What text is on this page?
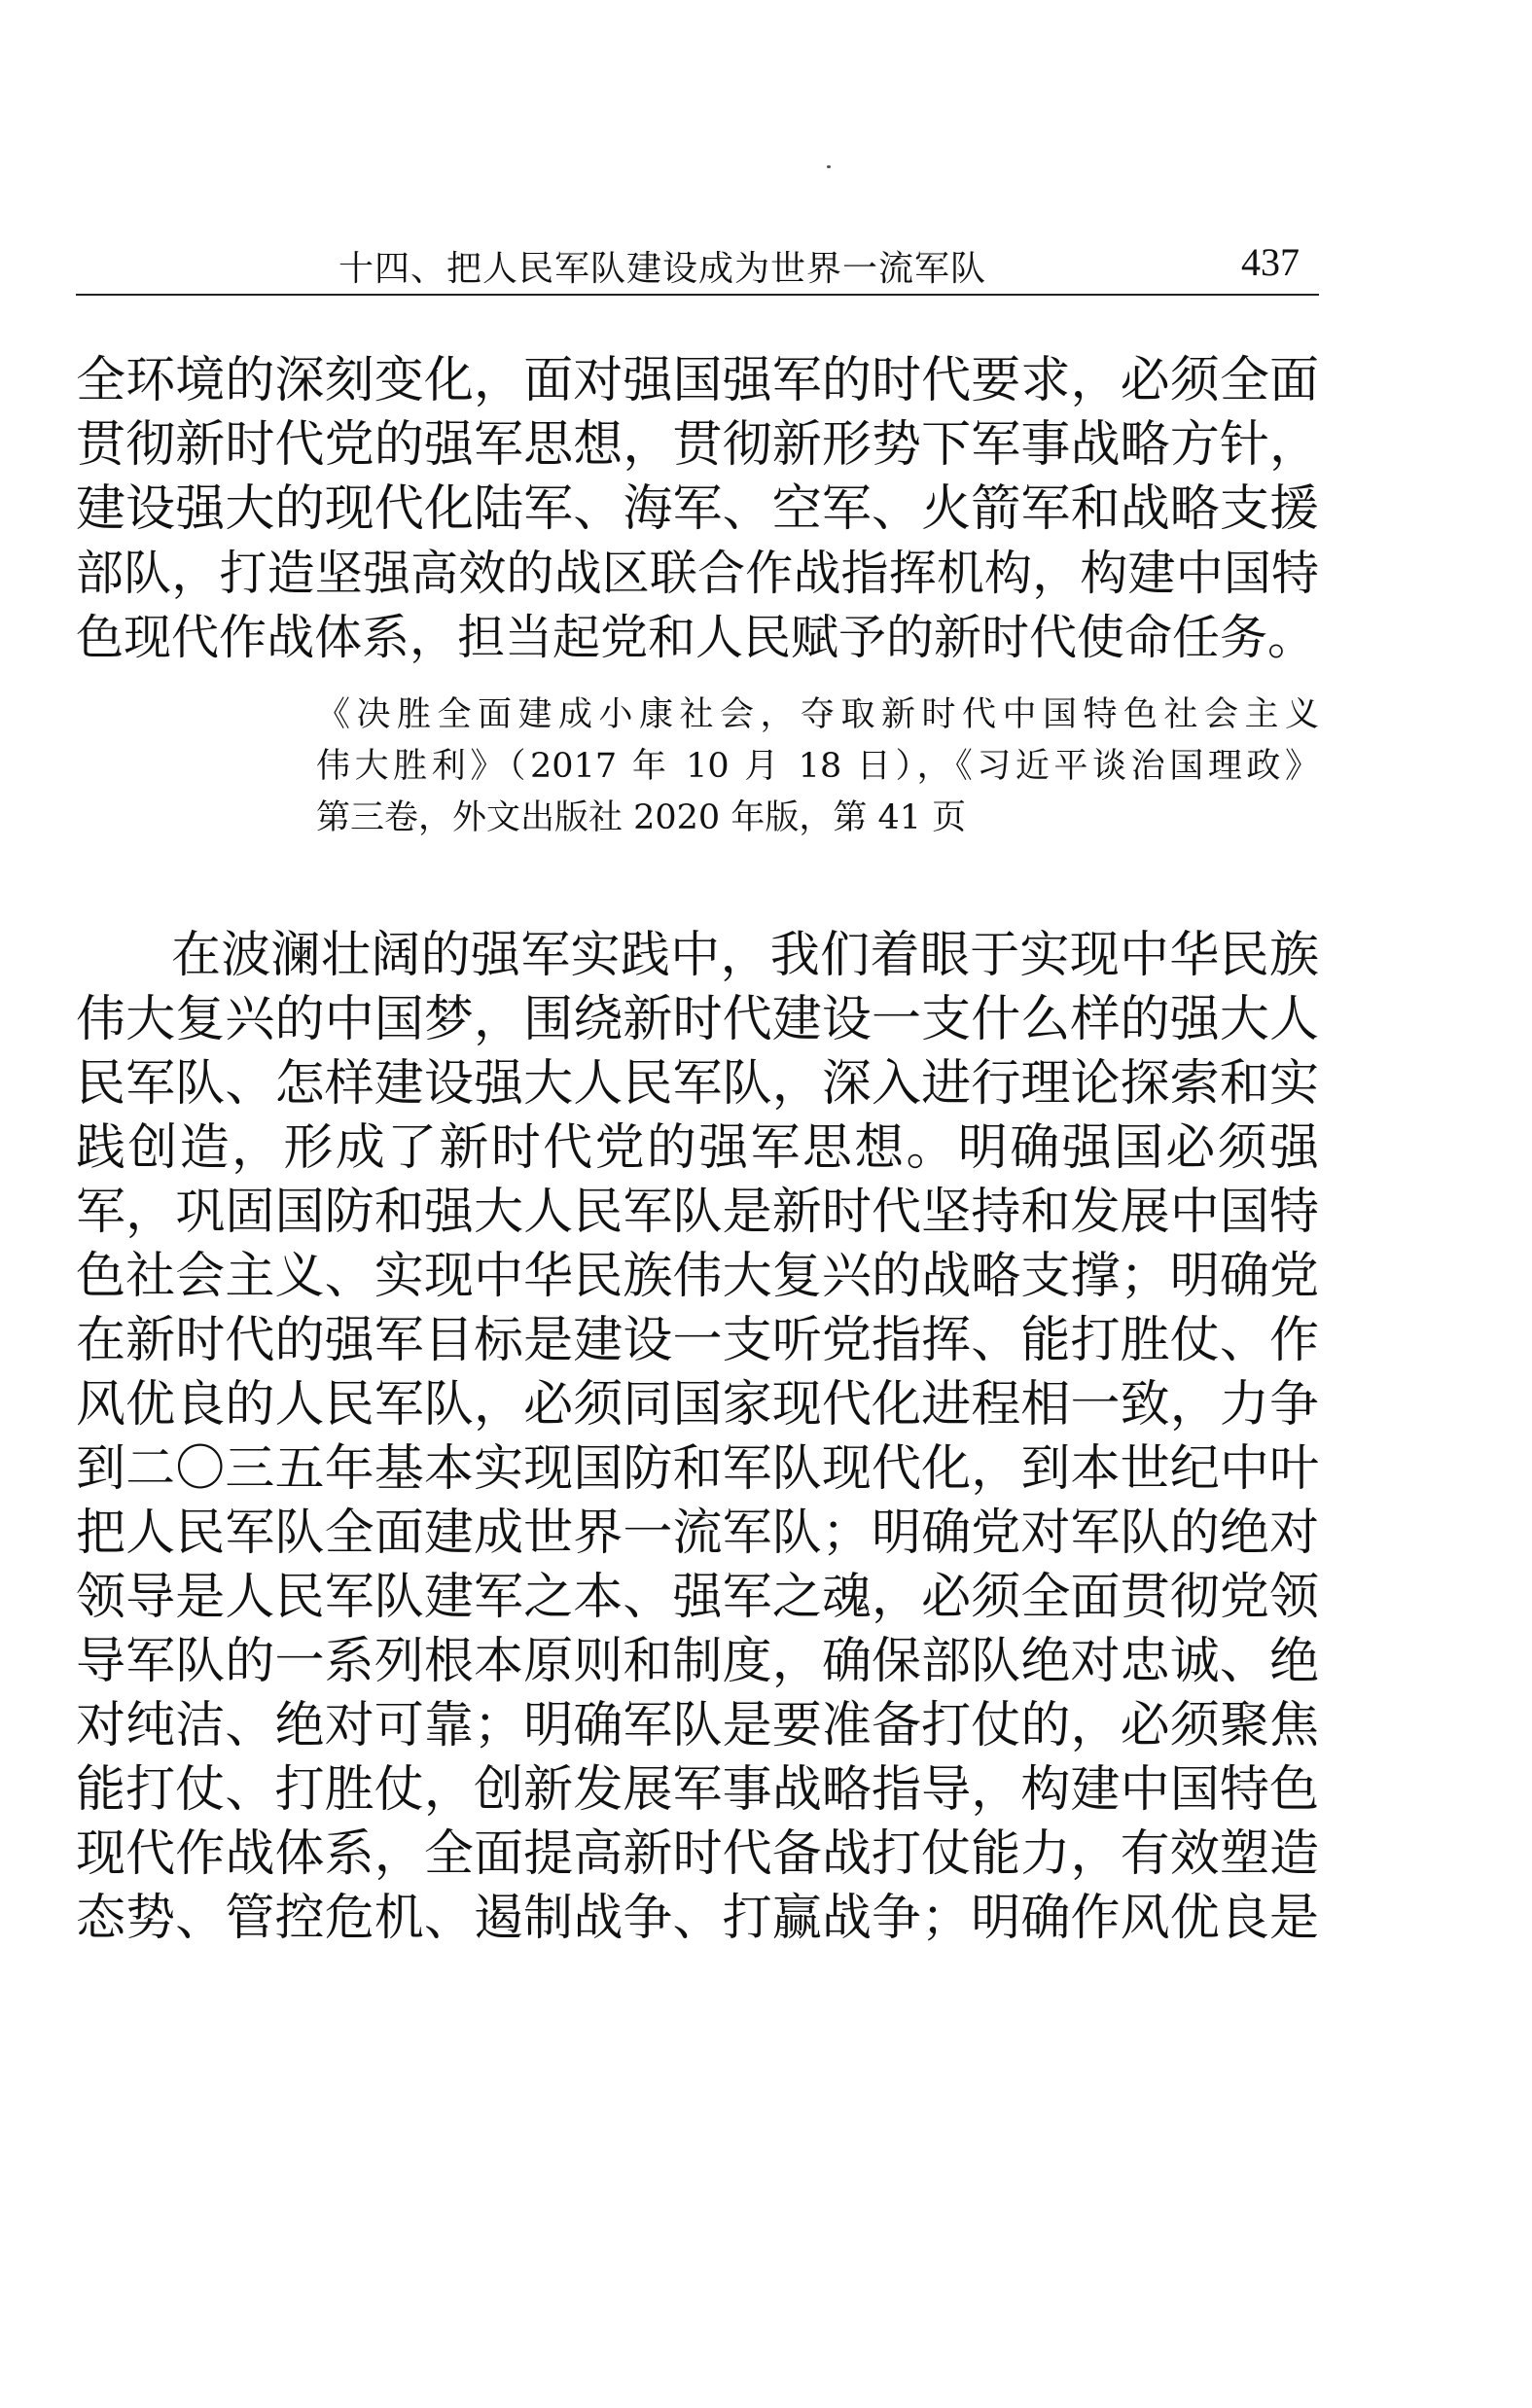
十四、把人民军队建设成为世界一流军队	437
全环境的深刻变化，面对强国强军的时代要求，必须全面
贯彻新时代党的强军思想，贯彻新形势下军事战略方针，
建设强大的现代化陆军、海军、空军、火箭军和战略支援
部队，打造坚强高效的战区联合作战指挥机构，构建中国特
色现代作战体系，担当起党和人民赋予的新时代使命任务。
《决胜全面建成小康社会，夺取新时代中国特色社会主义
伟大胜利》（2017 年 10 月 18 日），《习近平谈治国理政》
第三卷，外文出版社 2020 年版，第 41 页
在波澜壮阔的强军实践中，我们着眼于实现中华民族
伟大复兴的中国梦，围绕新时代建设一支什么样的强大人
民军队、怎样建设强大人民军队，深入进行理论探索和实
践创造，形成了新时代党的强军思想。明确强国必须强
军，巩固国防和强大人民军队是新时代坚持和发展中国特
色社会主义、实现中华民族伟大复兴的战略支撑；明确党
在新时代的强军目标是建设一支听党指挥、能打胜仗、作
风优良的人民军队，必须同国家现代化进程相一致，力争
到二〇三五年基本实现国防和军队现代化，到本世纪中叶
把人民军队全面建成世界一流军队；明确党对军队的绝对
领导是人民军队建军之本、强军之魂，必须全面贯彻党领
导军队的一系列根本原则和制度，确保部队绝对忠诚、绝
对纯洁、绝对可靠；明确军队是要准备打仗的，必须聚焦
能打仗、打胜仗，创新发展军事战略指导，构建中国特色
现代作战体系，全面提高新时代备战打仗能力，有效塑造
态势、管控危机、遏制战争、打赢战争；明确作风优良是
